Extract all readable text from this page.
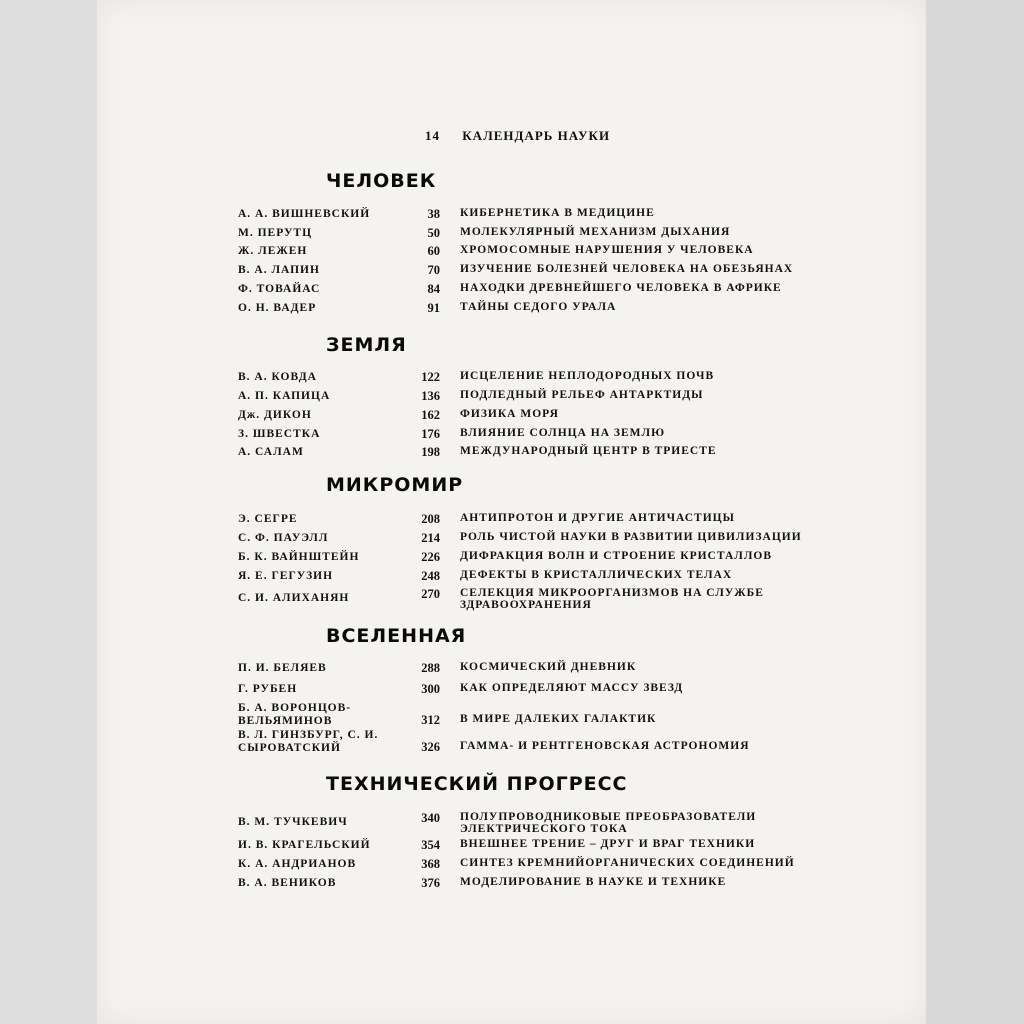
14 КАЛЕНДАРЬ НАУКИ
ЧЕЛОВЕК
А. А. ВИШНЕВСКИЙ	38 КИБЕРНЕТИКА В МЕДИЦИНЕ
М. ПЕРУТЦ	50 МОЛЕКУЛЯРНЫЙ МЕХАНИЗМ ДЫХАНИЯ
Ж. ЛЕЖЕН	60 ХРОМОСОМНЫЕ НАРУШЕНИЯ У ЧЕЛОВЕКА
В. А. ЛАПИН	70 ИЗУЧЕНИЕ БОЛЕЗНЕЙ ЧЕЛОВЕКА НА ОБЕЗЬЯНАХ
Ф. ТОВАЙАС	84 НАХОДКИ ДРЕВНЕЙШЕГО ЧЕЛОВЕКА В АФРИКЕ
О. Н. ВАДЕР	91 ТАЙНЫ СЕДОГО УРАЛА
ЗЕМЛЯ
В. А. КОВДА	122 ИСЦЕЛЕНИЕ НЕПЛОДОРОДНЫХ ПОЧВ
А. П. КАПИЦА	136 ПОДЛЕДНЫЙ РЕЛЬЕФ АНТАРКТИДЫ
Дж. ДИКОН	162 ФИЗИКА МОРЯ
З. ШВЕСТКА	176 ВЛИЯНИЕ СОЛНЦА НА ЗЕМЛЮ
А. САЛАМ	198 МЕЖДУНАРОДНЫЙ ЦЕНТР В ТРИЕСТЕ
МИКРОМИР
Э. СЕГРЕ	208 АНТИПРОТОН И ДРУГИЕ АНТИЧАСТИЦЫ
С. Ф. ПАУЭЛЛ	214 РОЛЬ ЧИСТОЙ НАУКИ В РАЗВИТИИ ЦИВИЛИЗАЦИИ
Б. К. ВАЙНШТЕЙН	226 ДИФРАКЦИЯ ВОЛН И СТРОЕНИЕ КРИСТАЛЛОВ
Я. Е. ГЕГУЗИН	248 ДЕФЕКТЫ В КРИСТАЛЛИЧЕСКИХ ТЕЛАХ
С. И. АЛИХАНЯН	270 СЕЛЕКЦИЯ МИКРООРГАНИЗМОВ НА СЛУЖБЕ ЗДРАВООХРАНЕНИЯ
ВСЕЛЕННАЯ
П. И. БЕЛЯЕВ	288 КОСМИЧЕСКИЙ ДНЕВНИК
Г. РУБЕН	300 КАК ОПРЕДЕЛЯЮТ МАССУ ЗВЕЗД
Б. А. ВОРОНЦОВ-ВЕЛЬЯМИНОВ	312 В МИРЕ ДАЛЕКИХ ГАЛАКТИК
В. Л. ГИНЗБУРГ, С. И. СЫРОВАТСКИЙ	326 ГАММА- И РЕНТГЕНОВСКАЯ АСТРОНОМИЯ
ТЕХНИЧЕСКИЙ ПРОГРЕСС
В. М. ТУЧКЕВИЧ	340 ПОЛУПРОВОДНИКОВЫЕ ПРЕОБРАЗОВАТЕЛИ ЭЛЕКТРИЧЕСКОГО ТОКА
И. В. КРАГЕЛЬСКИЙ	354 ВНЕШНЕЕ ТРЕНИЕ – ДРУГ И ВРАГ ТЕХНИКИ
К. А. АНДРИАНОВ	368 СИНТЕЗ КРЕМНИЙОРГАНИЧЕСКИХ СОЕДИНЕНИЙ
В. А. ВЕНИКОВ	376 МОДЕЛИРОВАНИЕ В НАУКЕ И ТЕХНИКЕ
